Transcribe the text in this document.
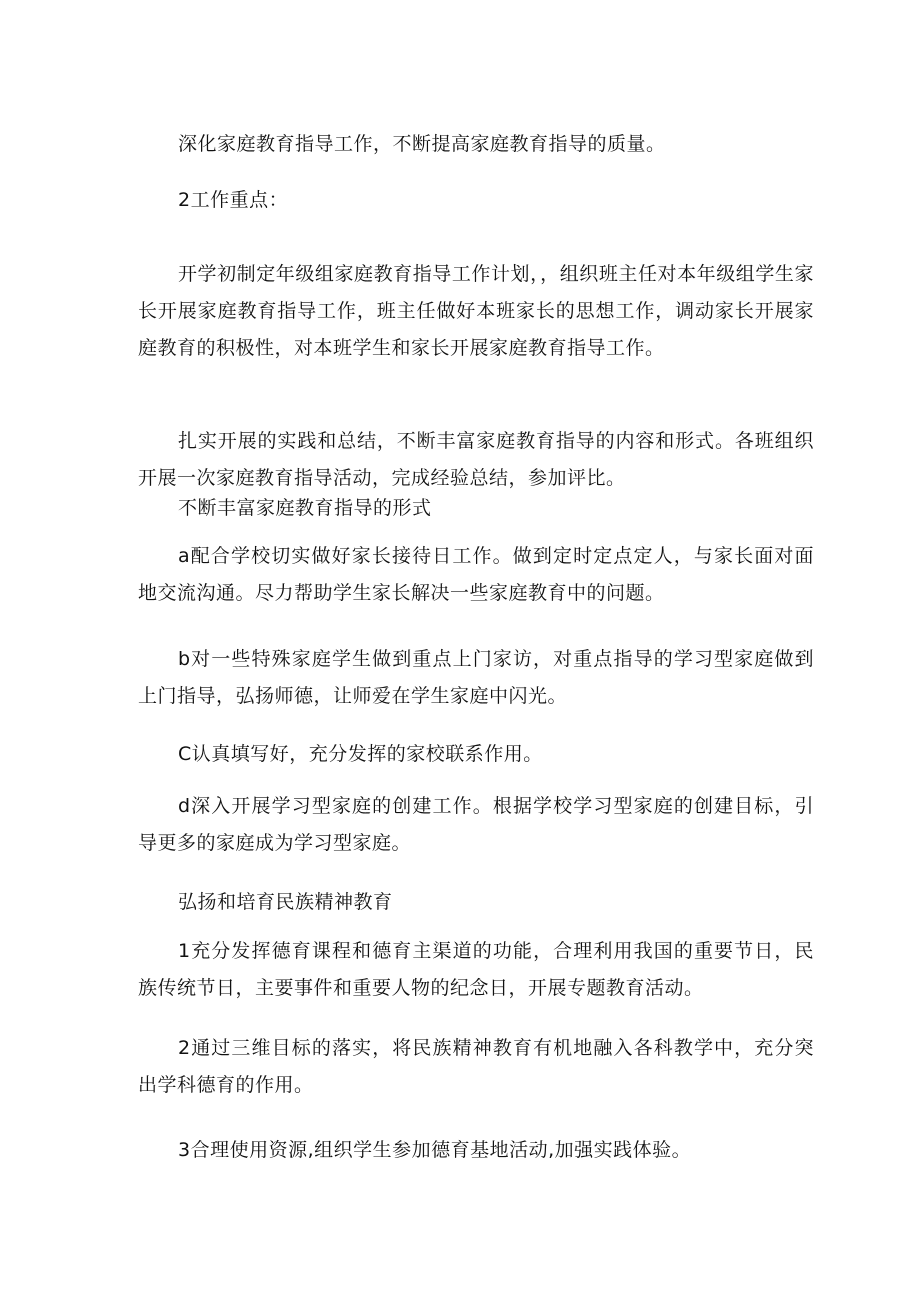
深化家庭教育指导工作，不断提高家庭教育指导的质量。

2工作重点：

开学初制定年级组家庭教育指导工作计划，，组织班主任对本年级组学生家长开展家庭教育指导工作，班主任做好本班家长的思想工作，调动家长开展家庭教育的积极性，对本班学生和家长开展家庭教育指导工作。

扎实开展的实践和总结，不断丰富家庭教育指导的内容和形式。各班组织开展一次家庭教育指导活动，完成经验总结，参加评比。

不断丰富家庭教育指导的形式

a配合学校切实做好家长接待日工作。做到定时定点定人，与家长面对面地交流沟通。尽力帮助学生家长解决一些家庭教育中的问题。

b对一些特殊家庭学生做到重点上门家访，对重点指导的学习型家庭做到上门指导，弘扬师德，让师爱在学生家庭中闪光。

C认真填写好，充分发挥的家校联系作用。

d深入开展学习型家庭的创建工作。根据学校学习型家庭的创建目标，引导更多的家庭成为学习型家庭。

弘扬和培育民族精神教育

1充分发挥德育课程和德育主渠道的功能，合理利用我国的重要节日，民族传统节日，主要事件和重要人物的纪念日，开展专题教育活动。

2通过三维目标的落实，将民族精神教育有机地融入各科教学中，充分突出学科德育的作用。

3合理使用资源,组织学生参加德育基地活动,加强实践体验。
